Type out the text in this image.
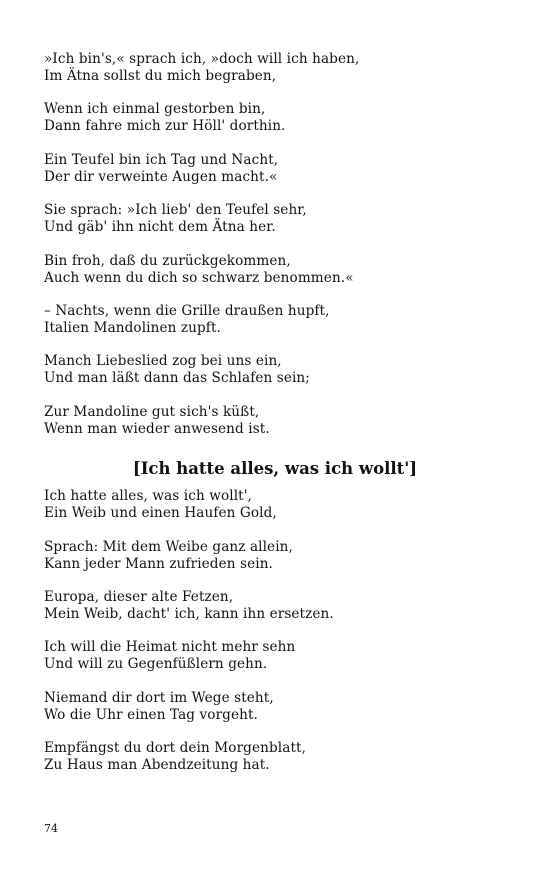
»Ich bin's,« sprach ich, »doch will ich haben,
Im Ätna sollst du mich begraben,
Wenn ich einmal gestorben bin,
Dann fahre mich zur Höll' dorthin.
Ein Teufel bin ich Tag und Nacht,
Der dir verweinte Augen macht.«
Sie sprach: »Ich lieb' den Teufel sehr,
Und gäb' ihn nicht dem Ätna her.
Bin froh, daß du zurückgekommen,
Auch wenn du dich so schwarz benommen.«
– Nachts, wenn die Grille draußen hupft,
Italien Mandolinen zupft.
Manch Liebeslied zog bei uns ein,
Und man läßt dann das Schlafen sein;
Zur Mandoline gut sich's küßt,
Wenn man wieder anwesend ist.
[Ich hatte alles, was ich wollt']
Ich hatte alles, was ich wollt',
Ein Weib und einen Haufen Gold,
Sprach: Mit dem Weibe ganz allein,
Kann jeder Mann zufrieden sein.
Europa, dieser alte Fetzen,
Mein Weib, dacht' ich, kann ihn ersetzen.
Ich will die Heimat nicht mehr sehn
Und will zu Gegenfüßlern gehn.
Niemand dir dort im Wege steht,
Wo die Uhr einen Tag vorgeht.
Empfängst du dort dein Morgenblatt,
Zu Haus man Abendzeitung hat.
74
